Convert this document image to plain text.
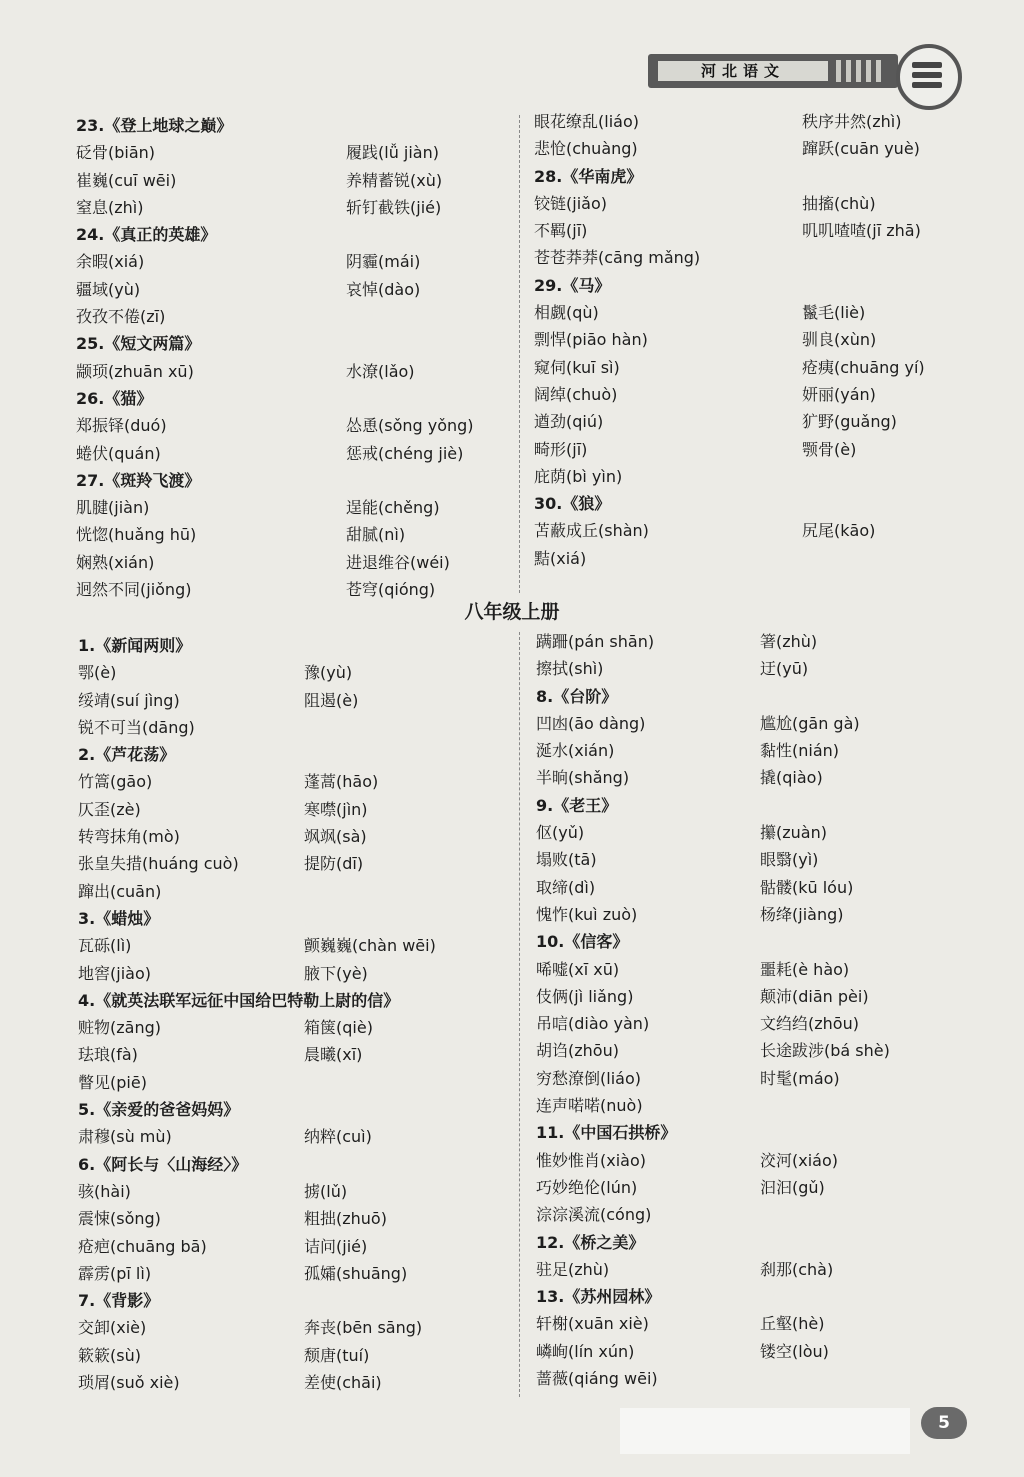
河北语文
23.《登上地球之巅》
砭骨(biān)	履践(lǚ jiàn)
崔巍(cuī wēi)	养精蓄锐(xù)
窒息(zhì)	斩钉截铁(jié)
24.《真正的英雄》
余暇(xiá)	阴霾(mái)
疆域(yù)	哀悼(dào)
孜孜不倦(zī)
25.《短文两篇》
颛顼(zhuān xū)	水潦(lǎo)
26.《猫》
郑振铎(duó)	怂恿(sǒng yǒng)
蜷伏(quán)	惩戒(chéng jiè)
27.《斑羚飞渡》
肌腱(jiàn)	逞能(chěng)
恍惚(huǎng hū)	甜腻(nì)
娴熟(xián)	进退维谷(wéi)
迥然不同(jiǒng)	苍穹(qióng)
眼花缭乱(liáo)	秩序井然(zhì)
悲怆(chuàng)	蹿跃(cuān yuè)
28.《华南虎》
铰链(jiǎo)	抽搐(chù)
不羁(jī)	叽叽喳喳(jī zhā)
苍苍莽莽(cāng mǎng)
29.《马》
相觑(qù)	鬣毛(liè)
剽悍(piāo hàn)	驯良(xùn)
窥伺(kuī sì)	疮痍(chuāng yí)
阔绰(chuò)	妍丽(yán)
遒劲(qiú)	犷野(guǎng)
畸形(jī)	颚骨(è)
庇荫(bì yìn)
30.《狼》
苫蔽成丘(shàn)	尻尾(kāo)
黠(xiá)
八年级上册
1.《新闻两则》
鄂(è)	豫(yù)
绥靖(suí jìng)	阻遏(è)
锐不可当(dāng)
2.《芦花荡》
竹篙(gāo)	蓬蒿(hāo)
仄歪(zè)	寒噤(jìn)
转弯抹角(mò)	飒飒(sà)
张皇失措(huáng cuò)	提防(dī)
蹿出(cuān)
3.《蜡烛》
瓦砾(lì)	颤巍巍(chàn wēi)
地窖(jiào)	腋下(yè)
4.《就英法联军远征中国给巴特勒上尉的信》
赃物(zāng)	箱箧(qiè)
珐琅(fà)	晨曦(xī)
瞥见(piē)
5.《亲爱的爸爸妈妈》
肃穆(sù mù)	纳粹(cuì)
6.《阿长与〈山海经〉》
骇(hài)	掳(lǔ)
震悚(sǒng)	粗拙(zhuō)
疮疤(chuāng bā)	诘问(jié)
霹雳(pī lì)	孤孀(shuāng)
7.《背影》
交卸(xiè)	奔丧(bēn sāng)
簌簌(sù)	颓唐(tuí)
琐屑(suǒ xiè)	差使(chāi)
蹒跚(pán shān)	箸(zhù)
擦拭(shì)	迂(yū)
8.《台阶》
凹凼(āo dàng)	尴尬(gān gà)
涎水(xián)	黏性(nián)
半晌(shǎng)	撬(qiào)
9.《老王》
伛(yǔ)	攥(zuàn)
塌败(tā)	眼翳(yì)
取缔(dì)	骷髅(kū lóu)
愧怍(kuì zuò)	杨绛(jiàng)
10.《信客》
唏嘘(xī xū)	噩耗(è hào)
伎俩(jì liǎng)	颠沛(diān pèi)
吊唁(diào yàn)	文绉绉(zhōu)
胡诌(zhōu)	长途跋涉(bá shè)
穷愁潦倒(liáo)	时髦(máo)
连声喏喏(nuò)
11.《中国石拱桥》
惟妙惟肖(xiào)	洨河(xiáo)
巧妙绝伦(lún)	汩汩(gǔ)
淙淙溪流(cóng)
12.《桥之美》
驻足(zhù)	刹那(chà)
13.《苏州园林》
轩榭(xuān xiè)	丘壑(hè)
嶙峋(lín xún)	镂空(lòu)
蔷薇(qiáng wēi)
5
